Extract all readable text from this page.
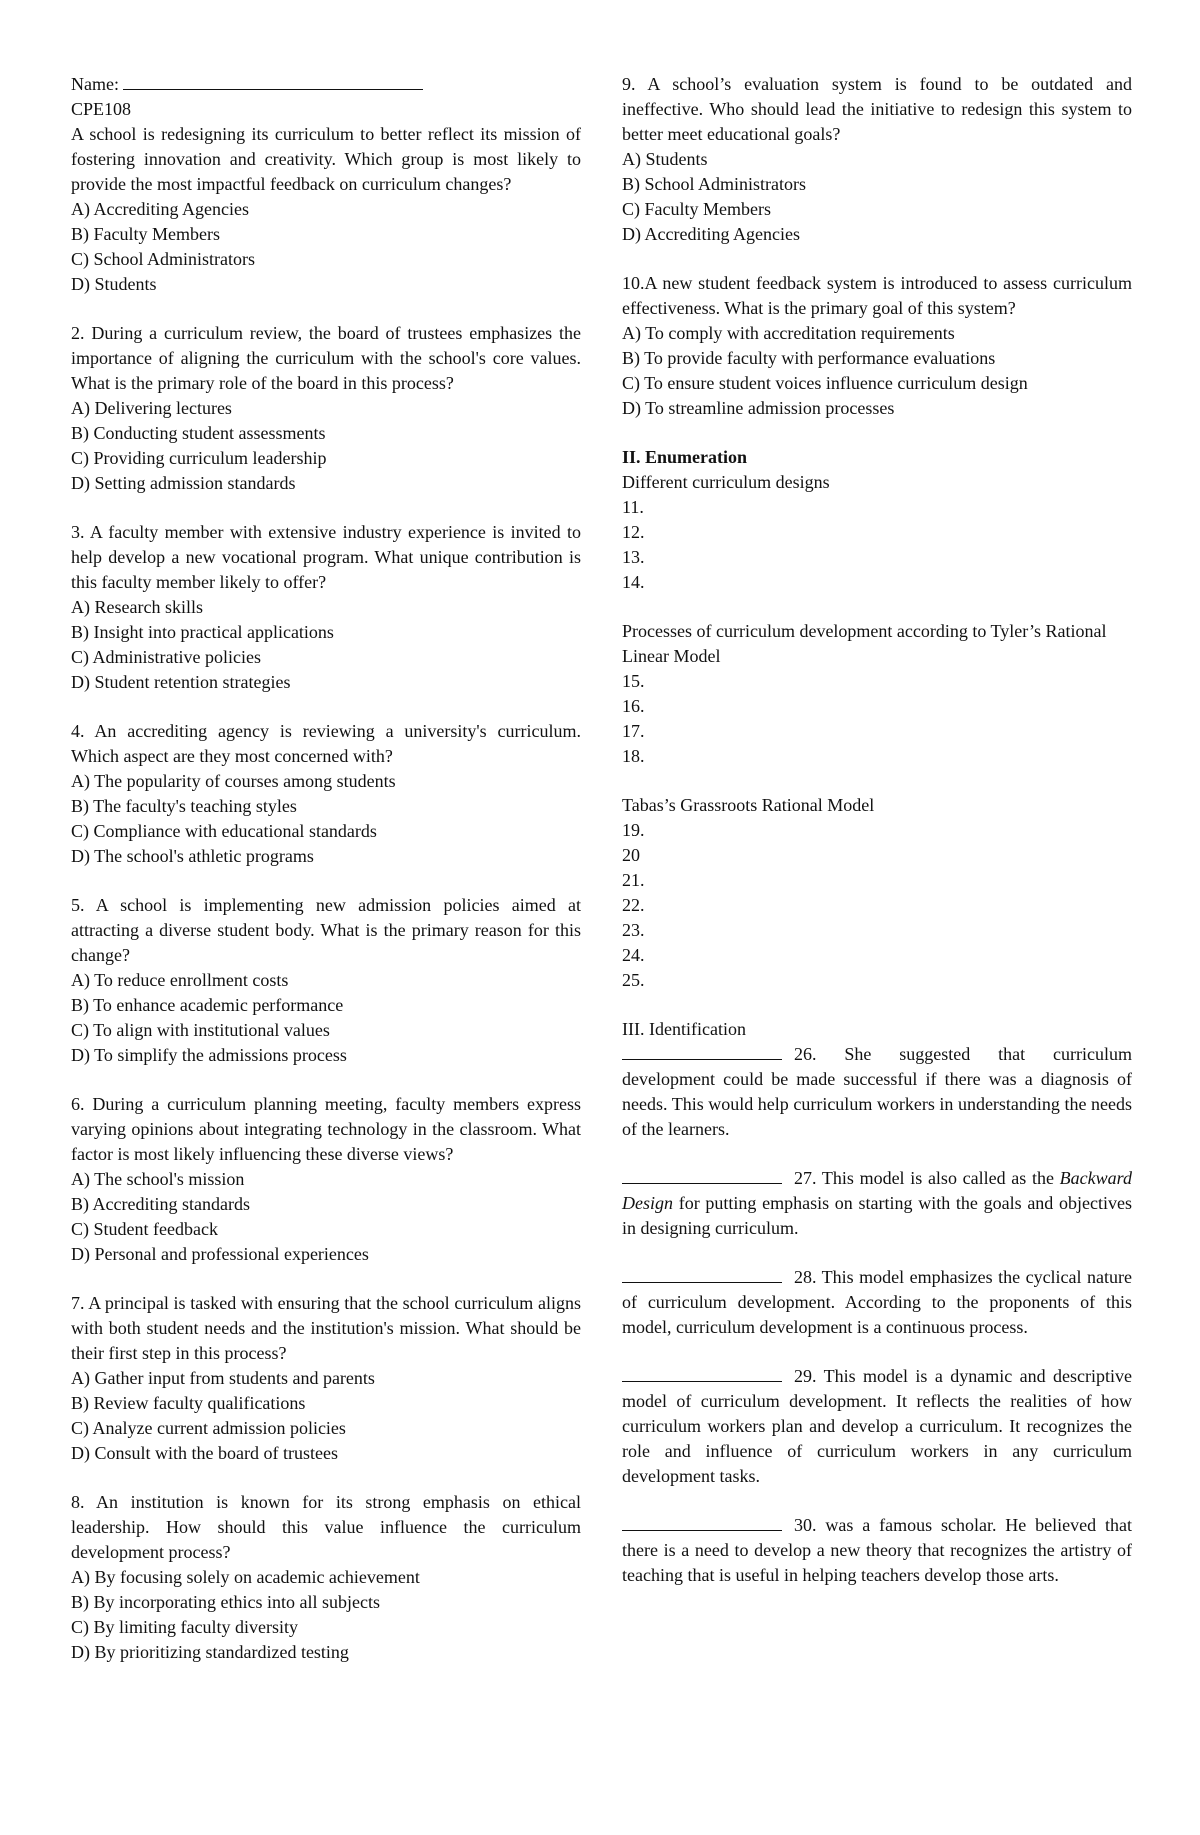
Name:
CPE108
A school is redesigning its curriculum to better reflect its mission of fostering innovation and creativity. Which group is most likely to provide the most impactful feedback on curriculum changes?
A) Accrediting Agencies
B) Faculty Members
C) School Administrators
D) Students
2. During a curriculum review, the board of trustees emphasizes the importance of aligning the curriculum with the school's core values. What is the primary role of the board in this process?
A) Delivering lectures
B) Conducting student assessments
C) Providing curriculum leadership
D) Setting admission standards
3. A faculty member with extensive industry experience is invited to help develop a new vocational program. What unique contribution is this faculty member likely to offer?
A) Research skills
B) Insight into practical applications
C) Administrative policies
D) Student retention strategies
4. An accrediting agency is reviewing a university's curriculum. Which aspect are they most concerned with?
A) The popularity of courses among students
B) The faculty's teaching styles
C) Compliance with educational standards
D) The school's athletic programs
5. A school is implementing new admission policies aimed at attracting a diverse student body. What is the primary reason for this change?
A) To reduce enrollment costs
B) To enhance academic performance
C) To align with institutional values
D) To simplify the admissions process
6. During a curriculum planning meeting, faculty members express varying opinions about integrating technology in the classroom. What factor is most likely influencing these diverse views?
A) The school's mission
B) Accrediting standards
C) Student feedback
D) Personal and professional experiences
7. A principal is tasked with ensuring that the school curriculum aligns with both student needs and the institution's mission. What should be their first step in this process?
A) Gather input from students and parents
B) Review faculty qualifications
C) Analyze current admission policies
D) Consult with the board of trustees
8. An institution is known for its strong emphasis on ethical leadership. How should this value influence the curriculum development process?
A) By focusing solely on academic achievement
B) By incorporating ethics into all subjects
C) By limiting faculty diversity
D) By prioritizing standardized testing
9. A school’s evaluation system is found to be outdated and ineffective. Who should lead the initiative to redesign this system to better meet educational goals?
A) Students
B) School Administrators
C) Faculty Members
D) Accrediting Agencies
10.A new student feedback system is introduced to assess curriculum effectiveness. What is the primary goal of this system?
A) To comply with accreditation requirements
B) To provide faculty with performance evaluations
C) To ensure student voices influence curriculum design
D) To streamline admission processes
II. Enumeration
Different curriculum designs
11.
12.
13.
14.
Processes of curriculum development according to Tyler’s Rational Linear Model
15.
16.
17.
18.
Tabas’s Grassroots Rational Model
19.
20
21.
22.
23.
24.
25.
III. Identification
26. She suggested that curriculum development could be made successful if there was a diagnosis of needs. This would help curriculum workers in understanding the needs of the learners.
27. This model is also called as the Backward Design for putting emphasis on starting with the goals and objectives in designing curriculum.
28. This model emphasizes the cyclical nature of curriculum development. According to the proponents of this model, curriculum development is a continuous process.
29. This model is a dynamic and descriptive model of curriculum development. It reflects the realities of how curriculum workers plan and develop a curriculum. It recognizes the role and influence of curriculum workers in any curriculum development tasks.
30. was a famous scholar. He believed that there is a need to develop a new theory that recognizes the artistry of teaching that is useful in helping teachers develop those arts.
